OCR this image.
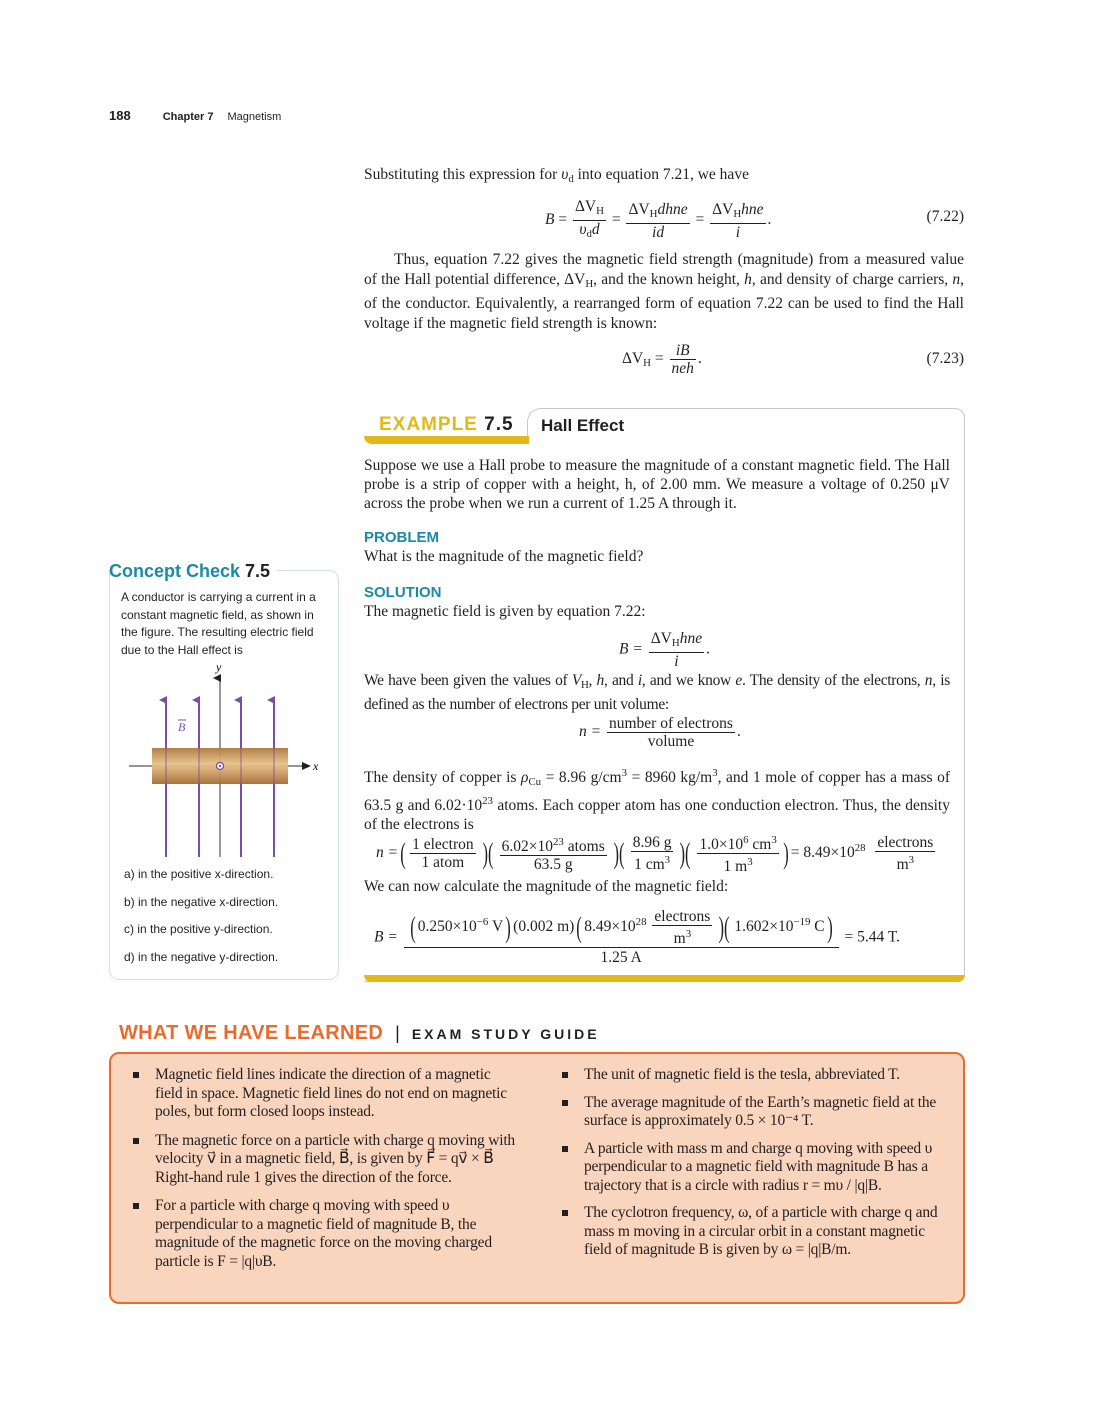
188	Chapter 7 Magnetism
Substituting this expression for $\upsilon_d$ into equation 7.21, we have
$B = \frac{\Delta V_H}{\upsilon_dd} = \frac{\Delta V_Hdhne}{id} = \frac{\Delta V_Hhne}{i}$ .	(7.22)
Thus, equation 7.22 gives the magnetic field strength (magnitude) from a measured value of the Hall potential difference, $\Delta V_H$, and the known height, h, and density of charge carriers, n, of the conductor. Equivalently, a rearranged form of equation 7.22 can be used to find the Hall voltage if the magnetic field strength is known:
$\Delta V_H = \frac{iB}{\text{neh}}$ .	(7.23)
EXAMPLE 7.5 Hall Effect
Suppose we use a Hall probe to measure the magnitude of a constant magnetic field. The Hall probe is a strip of copper with a height, h, of 2.00 mm. We measure a voltage of 0.250 μV across the probe when we run a current of 1.25 A through it.
PROBLEM
What is the magnitude of the magnetic field?
SOLUTION
The magnetic field is given by equation 7.22:
$B = \frac{\Delta V_Hhne}{i}$ .
We have been given the values of $V_H$, h, and i, and we know e. The density of the electrons, n, is defined as the number of electrons per unit volume:
$n = \frac{\text{number of electrons}}{\text{volume}}$ .
The density of copper is $\rho_{Cu} = 8.96$ $g/cm^3 = 8960$ $kg/m^3$, and 1 mole of copper has a mass of 63.5 g and $6.02\cdot 10^{23}$ atoms. Each copper atom has one conduction electron. Thus, the density of the electrons is
n =( $\frac{\text{1 electron}}{\text{1 atom}}$ )( $\frac{6.02\times 10^{23} atoms}{63.5 g}$ )( $\frac{8.96 g}{1 cm^3}$ )( $\frac{1.0\times 10^6 cm^3}{1 m^3}$ ) = $8.49\times 10^{28} \frac{\text{electrons}}{m^3}$
We can now calculate the magnitude of the magnetic field:
B = ( $0.250\times 10^{-6}$ V) (0.002 m)( $8.49\times 10^{28} \frac{\text{electrons}}{m^3}$ )( $1.602\times 10^{-19}$ C)
1.25 A
= 5.44 T.
Concept Check 7.5
A conductor is carrying a current in a constant magnetic field, as shown in the figure. The resulting electric field due to the Hall effect is
B
y
x
a) in the positive x-direction.
b) in the negative x-direction.
c) in the positive y-direction.
d) in the negative y-direction.
WHAT WE HAVE LEARNED | EXAM STUDY GUIDE
Magnetic field lines indicate the direction of a magnetic field in space. Magnetic field lines do not end on magnetic poles, but form closed loops instead.
The magnetic force on a particle with charge q moving with velocity v⃗ in a magnetic field, B⃗, is given by F⃗ = qv⃗ × B⃗ Right-hand rule 1 gives the direction of the force.
For a particle with charge q moving with speed υ perpendicular to a magnetic field of magnitude B, the magnitude of the magnetic force on the moving charged particle is F = |q|υB.
The unit of magnetic field is the tesla, abbreviated T.
The average magnitude of the Earth’s magnetic field at the surface is approximately 0.5 × 10⁻⁴ T.
A particle with mass m and charge q moving with speed υ perpendicular to a magnetic field with magnitude B has a trajectory that is a circle with radius r = mυ / |q|B.
The cyclotron frequency, ω, of a particle with charge q and mass m moving in a circular orbit in a constant magnetic field of magnitude B is given by ω = |q|B/m.
